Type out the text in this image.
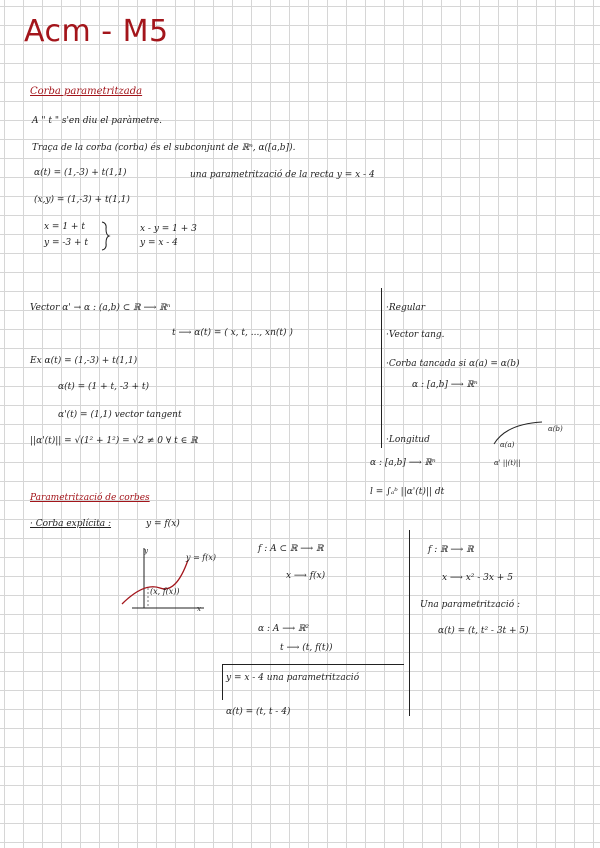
Acm - M5
Corba parametritzada
A " t " s'en diu el paràmetre.
Traça de la corba (corba) és el subconjunt de ℝⁿ, α([a,b]).
α(t) = (1,-3) + t(1,1)	una parametrització de la recta y = x - 4
(x,y) = (1,-3) + t(1,1)
x = 1 + t
y = -3 + t
x - y = 1 + 3
y = x - 4
Vector α' → α : (a,b) ⊂ ℝ ⟶ ℝⁿ
t ⟶ α(t) = ( x, t, ..., xn(t) )
Ex α(t) = (1,-3) + t(1,1)
α(t) = (1 + t, -3 + t)
α'(t) = (1,1) vector tangent
||α'(t)|| = √(1² + 1²) = √2 ≠ 0 ∀ t ∈ ℝ
·Regular
·Vector tang.
·Corba tancada si α(a) = α(b)
α : [a,b] ⟶ ℝⁿ
·Longitud
α : [a,b] ⟶ ℝⁿ
l = ∫ₐᵇ ||α'(t)|| dt
α(a)
α(b)
α' ||(t)||
Parametrització de corbes
· Corba explícita :	y = f(x)
y
y = f(x)
(x, f(x))
x
f : A ⊂ ℝ ⟶ ℝ
x ⟶ f(x)
α : A ⟶ ℝ²
t ⟶ (t, f(t))
y = x - 4 una parametrització
α(t) = (t, t - 4)
f : ℝ ⟶ ℝ
x ⟶ x² - 3x + 5
Una parametrització :
α(t) = (t, t² - 3t + 5)
